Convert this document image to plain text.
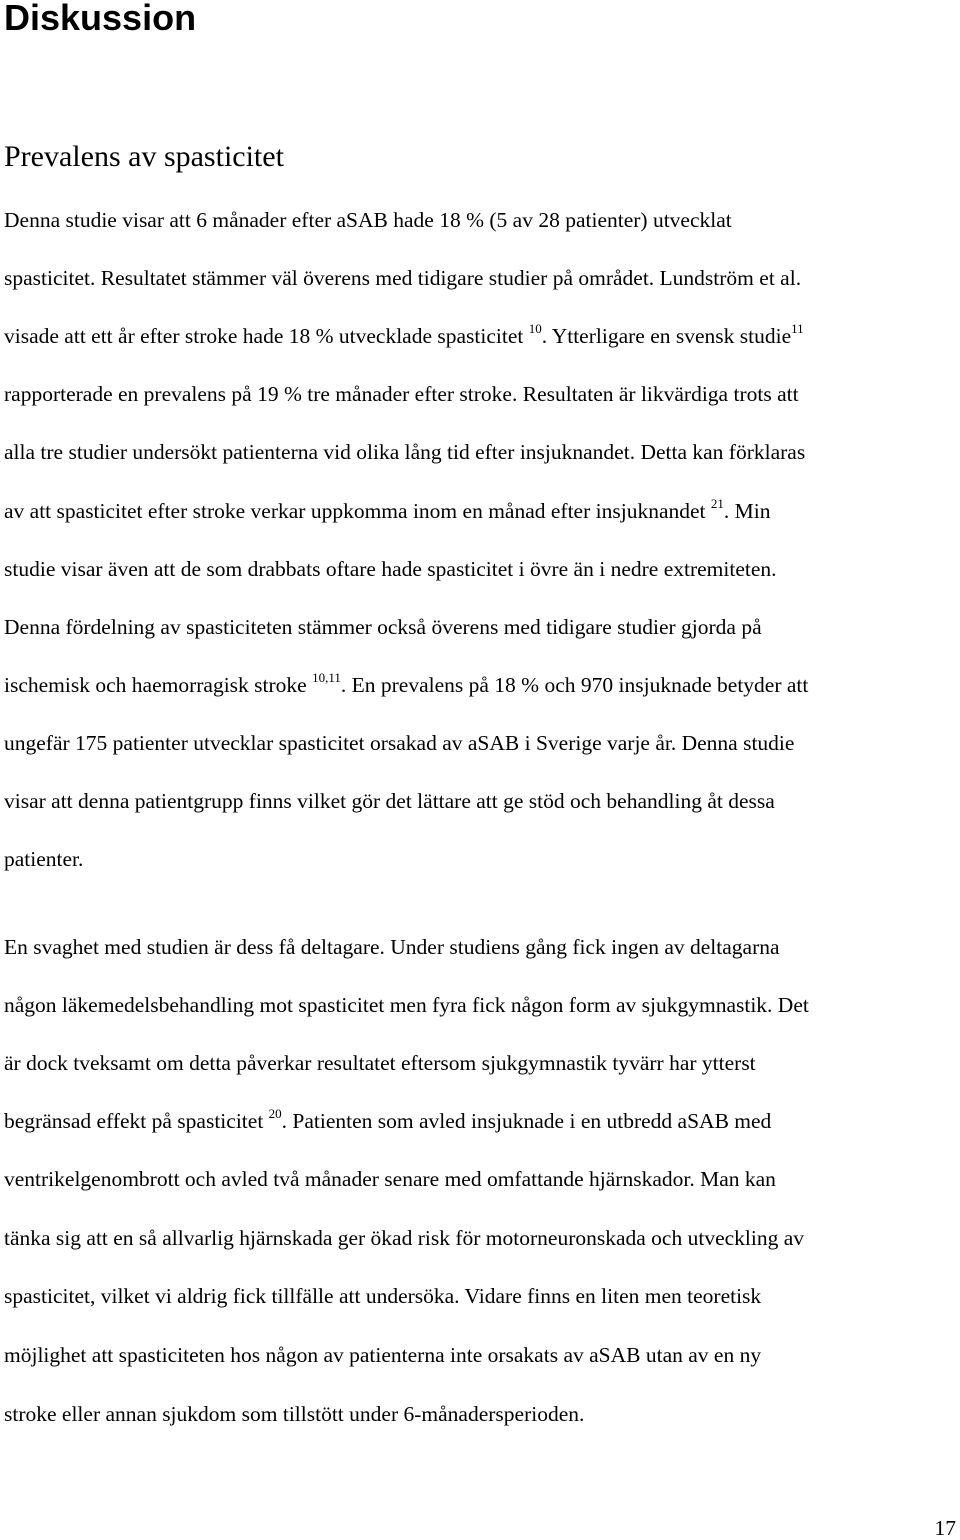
Diskussion
Prevalens av spasticitet

Denna studie visar att 6 månader efter aSAB hade 18 % (5 av 28 patienter) utvecklat

spasticitet. Resultatet stämmer väl överens med tidigare studier på området. Lundström et al.

visade att ett år efter stroke hade 18 % utvecklade spasticitet $^{10}$. Ytterligare en svensk studie$^{11}$

rapporterade en prevalens på 19 % tre månader efter stroke. Resultaten är likvärdiga trots att

alla tre studier undersökt patienterna vid olika lång tid efter insjuknandet. Detta kan förklaras

av att spasticitet efter stroke verkar uppkomma inom en månad efter insjuknandet $^{21}$. Min

studie visar även att de som drabbats oftare hade spasticitet i övre än i nedre extremiteten.

Denna fördelning av spasticiteten stämmer också överens med tidigare studier gjorda på

ischemisk och haemorragisk stroke $^{10,11}$. En prevalens på 18 % och 970 insjuknade betyder att

ungefär 175 patienter utvecklar spasticitet orsakad av aSAB i Sverige varje år. Denna studie

visar att denna patientgrupp finns vilket gör det lättare att ge stöd och behandling åt dessa

patienter.

En svaghet med studien är dess få deltagare. Under studiens gång fick ingen av deltagarna

någon läkemedelsbehandling mot spasticitet men fyra fick någon form av sjukgymnastik. Det

är dock tveksamt om detta påverkar resultatet eftersom sjukgymnastik tyvärr har ytterst

begränsad effekt på spasticitet $^{20}$. Patienten som avled insjuknade i en utbredd aSAB med

ventrikelgenombrott och avled två månader senare med omfattande hjärnskador. Man kan

tänka sig att en så allvarlig hjärnskada ger ökad risk för motorneuronskada och utveckling av

spasticitet, vilket vi aldrig fick tillfälle att undersöka. Vidare finns en liten men teoretisk

möjlighet att spasticiteten hos någon av patienterna inte orsakats av aSAB utan av en ny

stroke eller annan sjukdom som tillstött under 6-månadersperioden.

17
